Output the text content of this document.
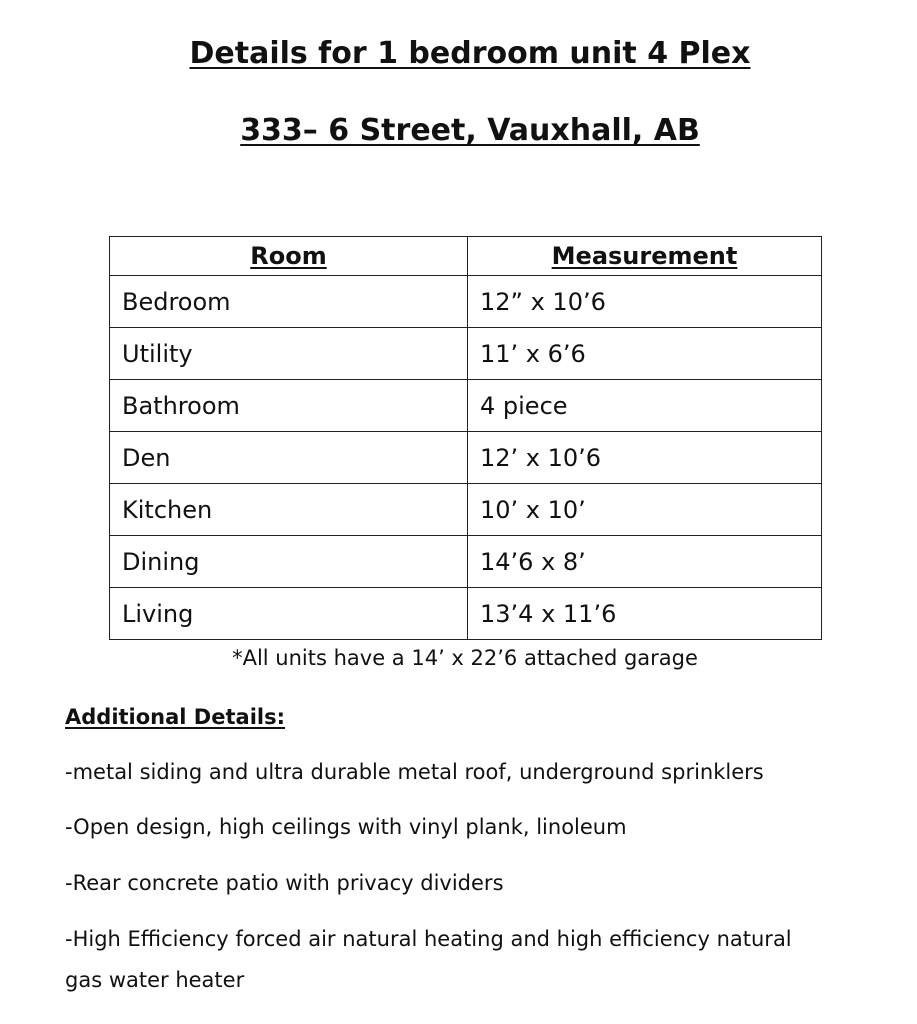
Details for 1 bedroom unit 4 Plex
333– 6 Street, Vauxhall, AB
Room	Measurement
Bedroom	12” x 10’6
Utility	11’ x 6’6
Bathroom	4 piece
Den	12’ x 10’6
Kitchen	10’ x 10’
Dining	14’6 x 8’
Living	13’4 x 11’6
*All units have a 14’ x 22’6 attached garage
Additional Details:
-metal siding and ultra durable metal roof, underground sprinklers
-Open design, high ceilings with vinyl plank, linoleum
-Rear concrete patio with privacy dividers
-High Efficiency forced air natural heating and high efficiency natural
gas water heater
